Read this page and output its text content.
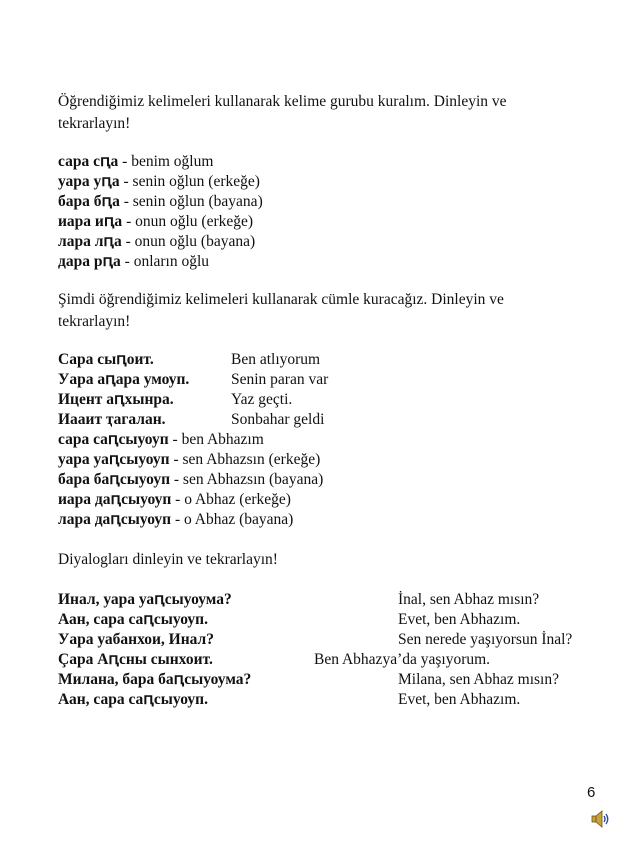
Öğrendiğimiz kelimeleri kullanarak kelime gurubu kuralım. Dinleyin ve
tekrarlayın!
сара сԥа - benim oğlum
уара уԥа - senin oğlun (erkeğe)
бара бԥа - senin oğlun (bayana)
иара иԥа - onun oğlu (erkeğe)
лара лԥа - onun oğlu (bayana)
дара рԥа - onların oğlu
Şimdi öğrendiğimiz kelimeleri kullanarak cümle kuracağız. Dinleyin ve
tekrarlayın!
Сара сыԥоит.	Ben atlıyorum
Уара аԥара умоуп.	Senin paran var
Ицент аԥхынра.	Yaz geçti.
Иааит ҭагалан.	Sonbahar geldi
сара саԥсыуоуп - ben Abhazım
уара уаԥсыуоуп - sen Abhazsın (erkeğe)
бара баԥсыуоуп - sen Abhazsın (bayana)
иара даԥсыуоуп - o Abhaz (erkeğe)
лара даԥсыуоуп - o Abhaz (bayana)
Diyalogları dinleyin ve tekrarlayın!
Инал, уара уаԥсыуоума?	İnal, sen Abhaz mısın?
Аан, сара саԥсыуоуп.	Evet, ben Abhazım.
Уара уабанхои, Инал?	Sen nerede yaşıyorsun İnal?
Çара Аԥсны сынхоит.	Ben Abhazya’da yaşıyorum.
Милана, бара баԥсыуоума?	Milana, sen Abhaz mısın?
Аан, сара саԥсыуоуп.	Evet, ben Abhazım.
6
